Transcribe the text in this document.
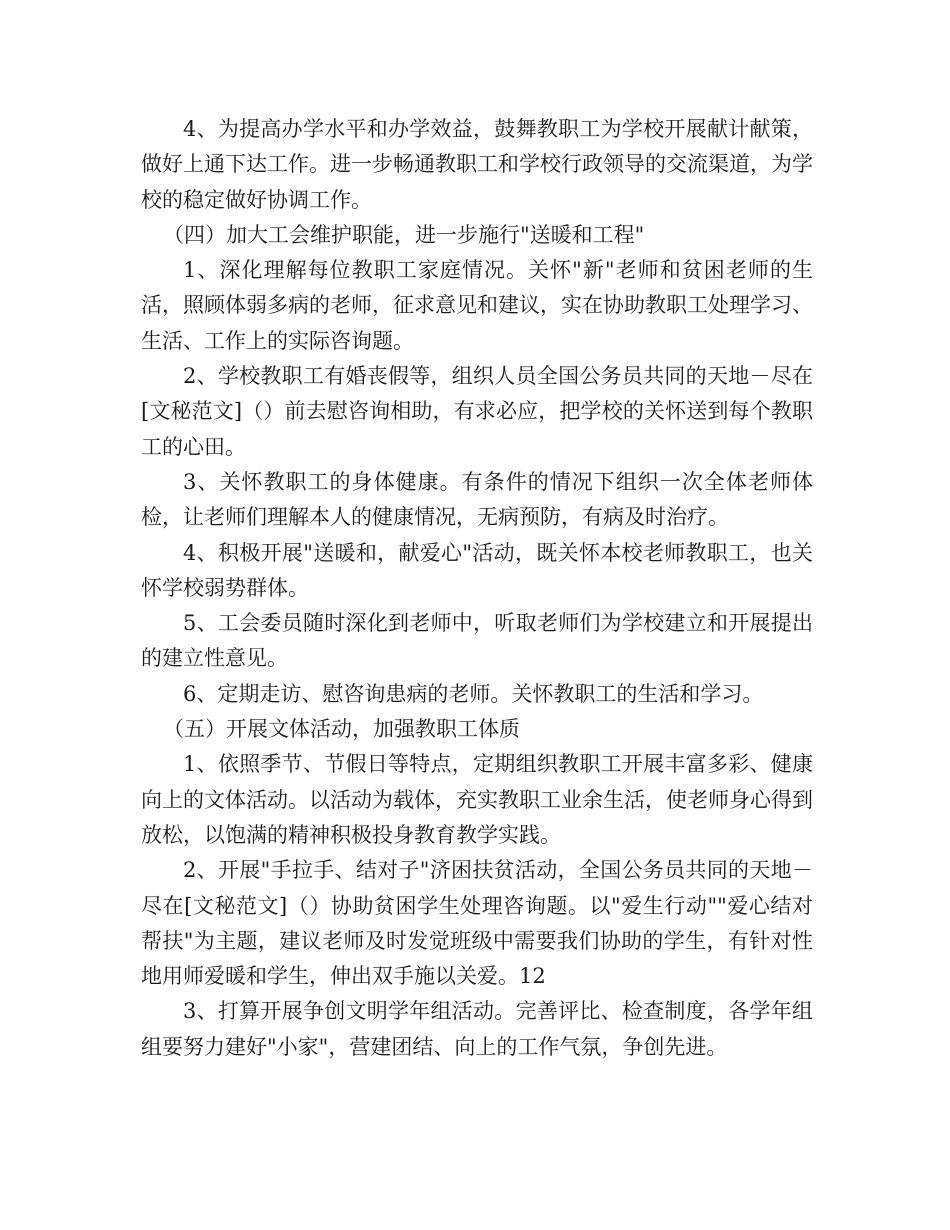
4、为提高办学水平和办学效益，鼓舞教职工为学校开展献计献策，做好上通下达工作。进一步畅通教职工和学校行政领导的交流渠道，为学校的稳定做好协调工作。

（四）加大工会维护职能，进一步施行"送暖和工程"

1、深化理解每位教职工家庭情况。关怀"新"老师和贫困老师的生活，照顾体弱多病的老师，征求意见和建议，实在协助教职工处理学习、生活、工作上的实际咨询题。

2、学校教职工有婚丧假等，组织人员全国公务员共同的天地－尽在[文秘范文]（）前去慰咨询相助，有求必应，把学校的关怀送到每个教职工的心田。

3、关怀教职工的身体健康。有条件的情况下组织一次全体老师体检，让老师们理解本人的健康情况，无病预防，有病及时治疗。

4、积极开展"送暖和，献爱心"活动，既关怀本校老师教职工，也关怀学校弱势群体。

5、工会委员随时深化到老师中，听取老师们为学校建立和开展提出的建立性意见。

6、定期走访、慰咨询患病的老师。关怀教职工的生活和学习。

（五）开展文体活动，加强教职工体质

1、依照季节、节假日等特点，定期组织教职工开展丰富多彩、健康向上的文体活动。以活动为载体，充实教职工业余生活，使老师身心得到放松，以饱满的精神积极投身教育教学实践。

2、开展"手拉手、结对子"济困扶贫活动，全国公务员共同的天地－尽在[文秘范文]（）协助贫困学生处理咨询题。以"爱生行动""爱心结对帮扶"为主题，建议老师及时发觉班级中需要我们协助的学生，有针对性地用师爱暖和学生，伸出双手施以关爱。12

3、打算开展争创文明学年组活动。完善评比、检查制度，各学年组组要努力建好"小家"，营建团结、向上的工作气氛，争创先进。
